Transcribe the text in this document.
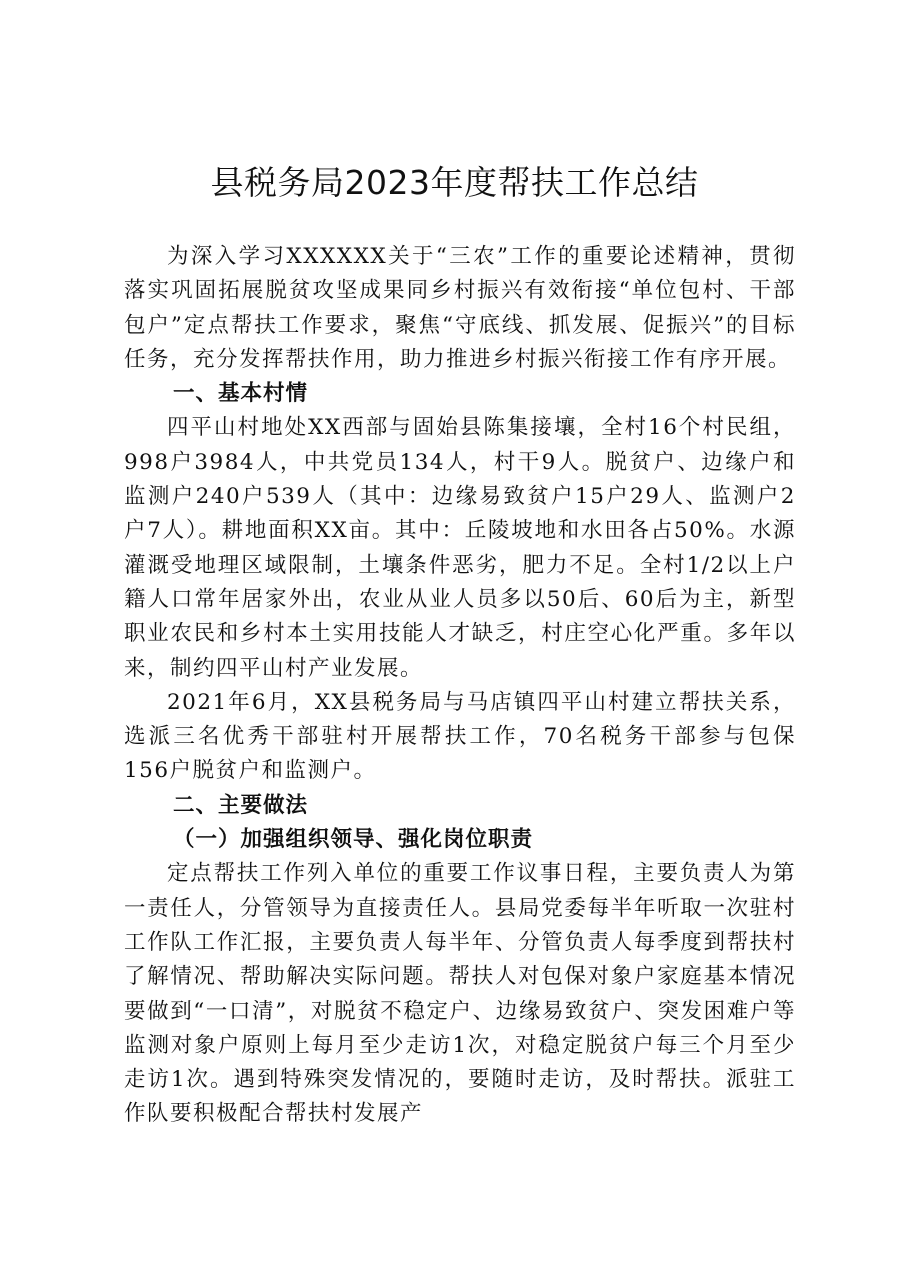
县税务局2023年度帮扶工作总结

为深入学习XXXXXX关于“三农”工作的重要论述精神，贯彻落实巩固拓展脱贫攻坚成果同乡村振兴有效衔接“单位包村、干部包户”定点帮扶工作要求，聚焦“守底线、抓发展、促振兴”的目标任务，充分发挥帮扶作用，助力推进乡村振兴衔接工作有序开展。

一、基本村情

四平山村地处XX西部与固始县陈集接壤，全村16个村民组，998户3984人，中共党员134人，村干9人。脱贫户、边缘户和监测户240户539人（其中：边缘易致贫户15户29人、监测户2户7人）。耕地面积XX亩。其中：丘陵坡地和水田各占50%。水源灌溉受地理区域限制，土壤条件恶劣，肥力不足。全村1/2以上户籍人口常年居家外出，农业从业人员多以50后、60后为主，新型职业农民和乡村本土实用技能人才缺乏，村庄空心化严重。多年以来，制约四平山村产业发展。

2021年6月，XX县税务局与马店镇四平山村建立帮扶关系，选派三名优秀干部驻村开展帮扶工作，70名税务干部参与包保156户脱贫户和监测户。

二、主要做法

（一）加强组织领导、强化岗位职责

定点帮扶工作列入单位的重要工作议事日程，主要负责人为第一责任人，分管领导为直接责任人。县局党委每半年听取一次驻村工作队工作汇报，主要负责人每半年、分管负责人每季度到帮扶村了解情况、帮助解决实际问题。帮扶人对包保对象户家庭基本情况要做到“一口清”，对脱贫不稳定户、边缘易致贫户、突发困难户等监测对象户原则上每月至少走访1次，对稳定脱贫户每三个月至少走访1次。遇到特殊突发情况的，要随时走访，及时帮扶。派驻工作队要积极配合帮扶村发展产
